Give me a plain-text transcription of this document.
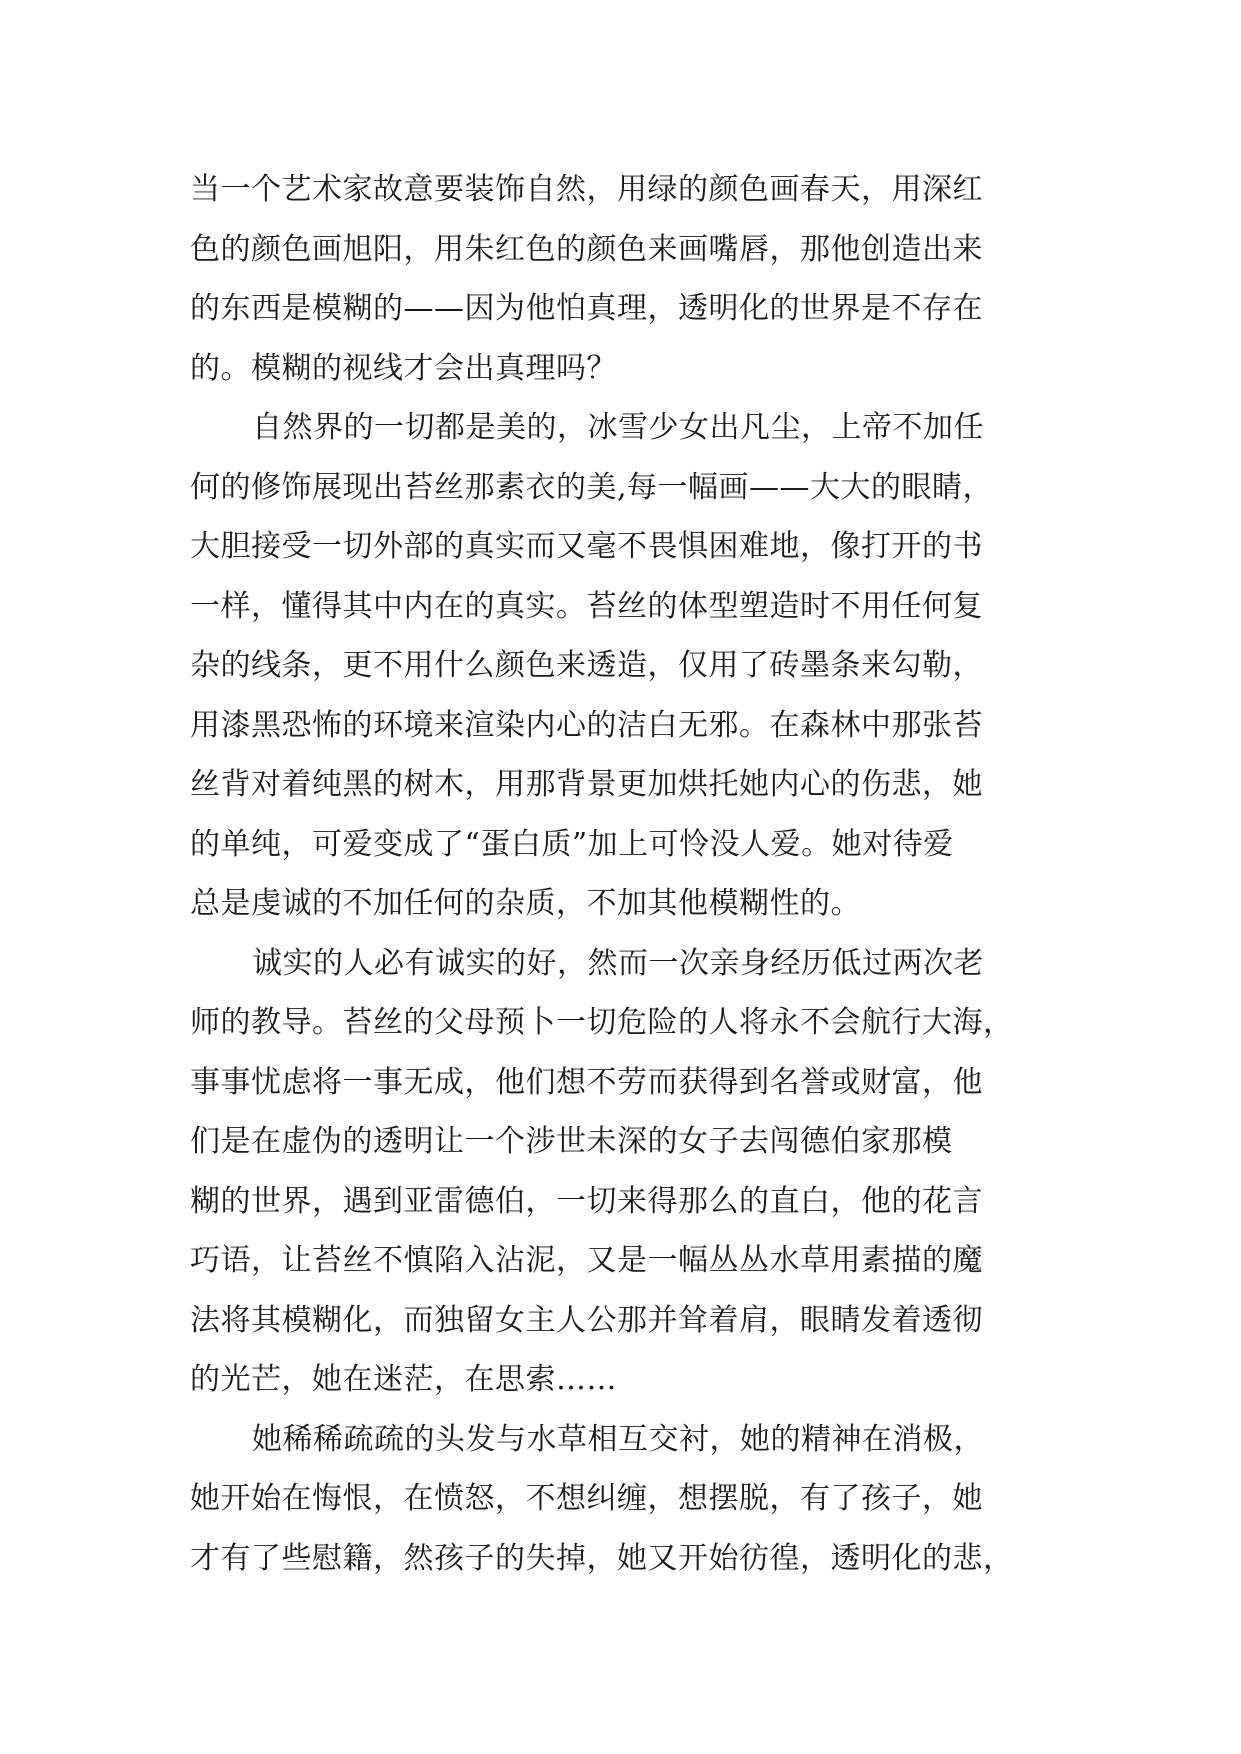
当一个艺术家故意要装饰自然，用绿的颜色画春天，用深红
色的颜色画旭阳，用朱红色的颜色来画嘴唇，那他创造出来
的东西是模糊的——因为他怕真理，透明化的世界是不存在
的。模糊的视线才会出真理吗？
自然界的一切都是美的，冰雪少女出凡尘，上帝不加任
何的修饰展现出苔丝那素衣的美,每一幅画——大大的眼睛，
大胆接受一切外部的真实而又毫不畏惧困难地，像打开的书
一样，懂得其中内在的真实。苔丝的体型塑造时不用任何复
杂的线条，更不用什么颜色来透造，仅用了砖墨条来勾勒，
用漆黑恐怖的环境来渲染内心的洁白无邪。在森林中那张苔
丝背对着纯黑的树木，用那背景更加烘托她内心的伤悲，她
的单纯，可爱变成了“蛋白质”加上可怜没人爱。她对待爱
总是虔诚的不加任何的杂质，不加其他模糊性的。
诚实的人必有诚实的好，然而一次亲身经历低过两次老
师的教导。苔丝的父母预卜一切危险的人将永不会航行大海，
事事忧虑将一事无成，他们想不劳而获得到名誉或财富，他
们是在虚伪的透明让一个涉世未深的女子去闯德伯家那模
糊的世界，遇到亚雷德伯，一切来得那么的直白，他的花言
巧语，让苔丝不慎陷入沾泥，又是一幅丛丛水草用素描的魔
法将其模糊化，而独留女主人公那并耸着肩，眼睛发着透彻
的光芒，她在迷茫，在思索……
她稀稀疏疏的头发与水草相互交衬，她的精神在消极，
她开始在悔恨，在愤怒，不想纠缠，想摆脱，有了孩子，她
才有了些慰籍，然孩子的失掉，她又开始彷徨，透明化的悲，
